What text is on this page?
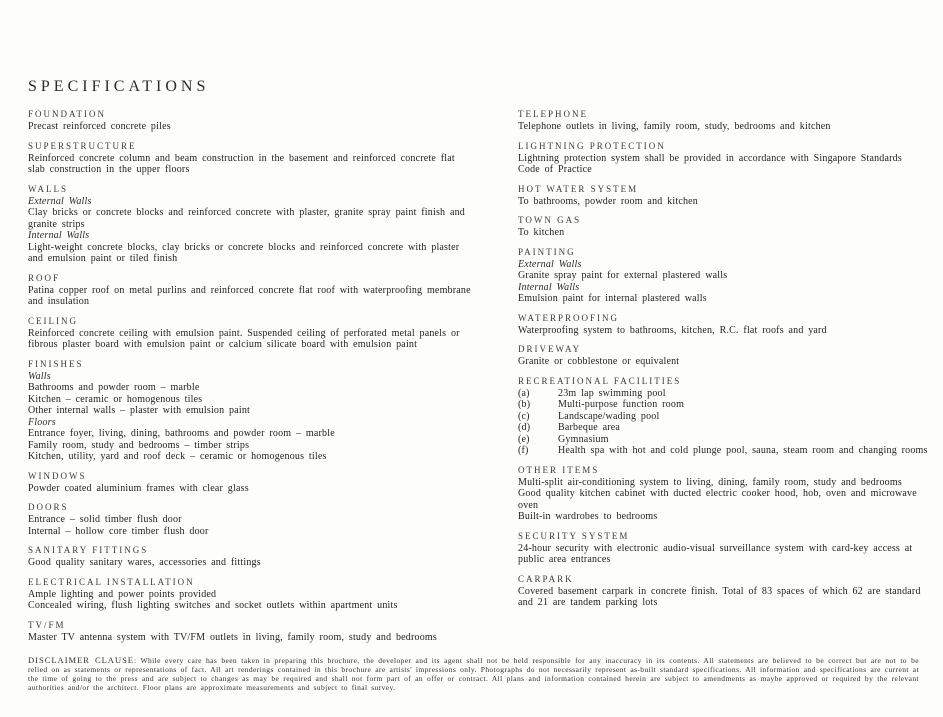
SPECIFICATIONS
FOUNDATION

Precast reinforced concrete piles

SUPERSTRUCTURE

Reinforced concrete column and beam construction in the basement and reinforced concrete flat slab construction in the upper floors

WALLS

External Walls

Clay bricks or concrete blocks and reinforced concrete with plaster, granite spray paint finish and granite strips

Internal Walls

Light-weight concrete blocks, clay bricks or concrete blocks and reinforced concrete with plaster and emulsion paint or tiled finish

ROOF

Patina copper roof on metal purlins and reinforced concrete flat roof with waterproofing membrane and insulation

CEILING

Reinforced concrete ceiling with emulsion paint. Suspended ceiling of perforated metal panels or fibrous plaster board with emulsion paint or calcium silicate board with emulsion paint

FINISHES

Walls

Bathrooms and powder room – marble

Kitchen – ceramic or homogenous tiles

Other internal walls – plaster with emulsion paint

Floors

Entrance foyer, living, dining, bathrooms and powder room – marble

Family room, study and bedrooms – timber strips

Kitchen, utility, yard and roof deck – ceramic or homogenous tiles

WINDOWS

Powder coated aluminium frames with clear glass

DOORS

Entrance – solid timber flush door

Internal – hollow core timber flush door

SANITARY FITTINGS

Good quality sanitary wares, accessories and fittings

ELECTRICAL INSTALLATION

Ample lighting and power points provided

Concealed wiring, flush lighting switches and socket outlets within apartment units

TV/FM

Master TV antenna system with TV/FM outlets in living, family room, study and bedrooms

TELEPHONE

Telephone outlets in living, family room, study, bedrooms and kitchen

LIGHTNING PROTECTION

Lightning protection system shall be provided in accordance with Singapore Standards Code of Practice

HOT WATER SYSTEM

To bathrooms, powder room and kitchen

TOWN GAS

To kitchen

PAINTING

External Walls

Granite spray paint for external plastered walls

Internal Walls

Emulsion paint for internal plastered walls

WATERPROOFING

Waterproofing system to bathrooms, kitchen, R.C. flat roofs and yard

DRIVEWAY

Granite or cobblestone or equivalent

RECREATIONAL FACILITIES
(a)	23m lap swimming pool
(b)	Multi-purpose function room
(c)	Landscape/wading pool
(d)	Barbeque area
(e)	Gymnasium
(f)	Health spa with hot and cold plunge pool, sauna, steam room and changing rooms
OTHER ITEMS

Multi-split air-conditioning system to living, dining, family room, study and bedrooms

Good quality kitchen cabinet with ducted electric cooker hood, hob, oven and microwave oven

Built-in wardrobes to bedrooms

SECURITY SYSTEM

24-hour security with electronic audio-visual surveillance system with card-key access at public area entrances

CARPARK

Covered basement carpark in concrete finish. Total of 83 spaces of which 62 are standard and 21 are tandem parking lots

DISCLAIMER CLAUSE: While every care has been taken in preparing this brochure, the developer and its agent shall not be held responsible for any inaccuracy in its contents. All statements are believed to be correct but are not to be relied on as statements or representations of fact. All art renderings contained in this brochure are artists' impressions only. Photographs do not necessarily represent as-built standard specifications. All information and specifications are current at the time of going to the press and are subject to changes as may be required and shall not form part of an offer or contract. All plans and information contained herein are subject to amendments as maybe approved or required by the relevant authorities and/or the architect. Floor plans are approximate measurements and subject to final survey.
